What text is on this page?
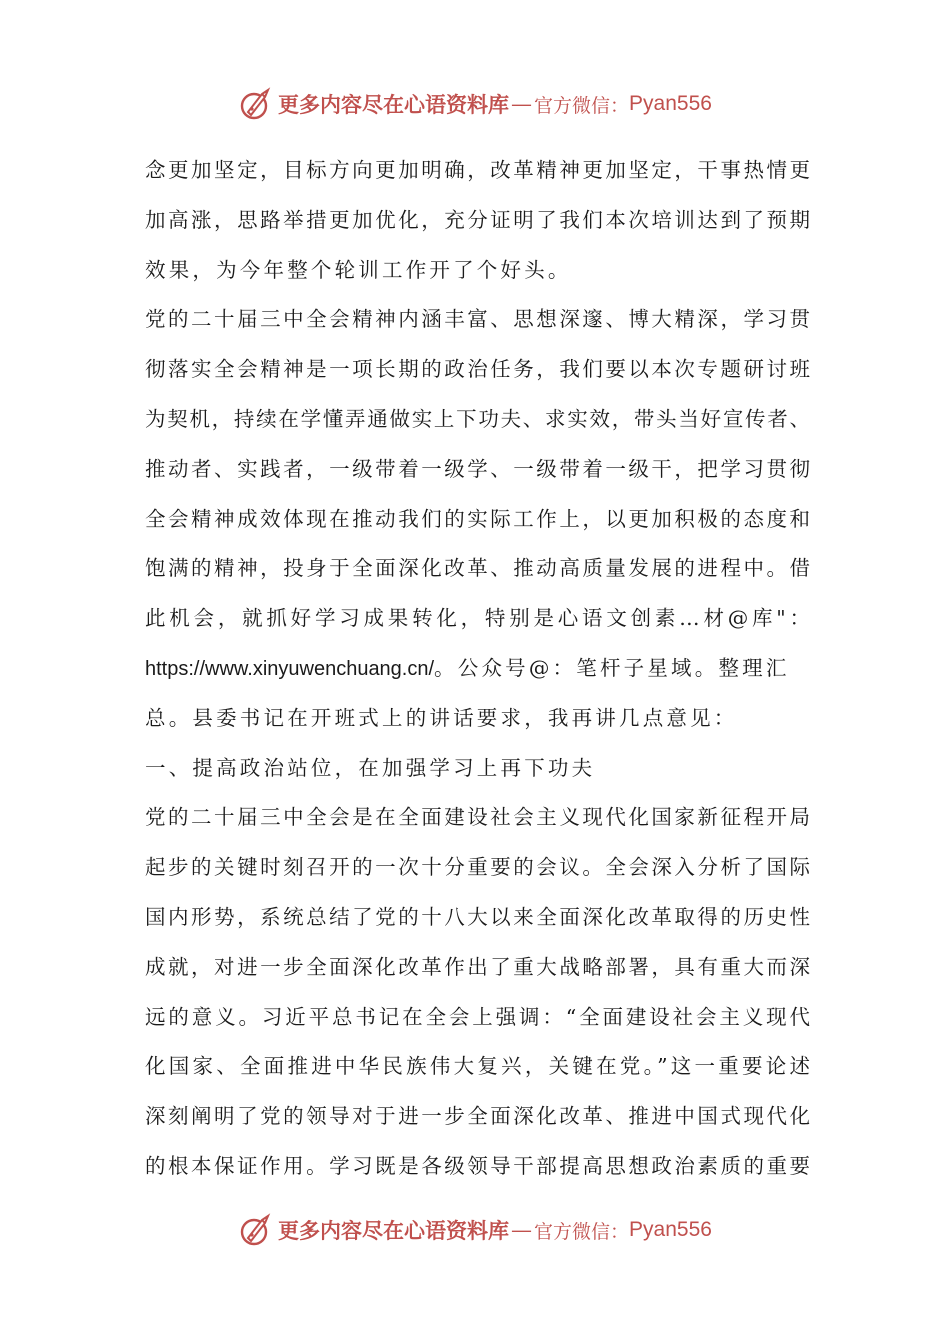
更多内容尽在心语资料库 — 官方微信： Pyan556
念更加坚定，目标方向更加明确，改革精神更加坚定，干事热情更
加高涨，思路举措更加优化，充分证明了我们本次培训达到了预期
效果，为今年整个轮训工作开了个好头。
党的二十届三中全会精神内涵丰富、思想深邃、博大精深，学习贯
彻落实全会精神是一项长期的政治任务，我们要以本次专题研讨班
为契机，持续在学懂弄通做实上下功夫、求实效，带头当好宣传者、
推动者、实践者，一级带着一级学、一级带着一级干，把学习贯彻
全会精神成效体现在推动我们的实际工作上，以更加积极的态度和
饱满的精神，投身于全面深化改革、推动高质量发展的进程中。借
此机会，就抓好学习成果转化，特别是心语文创素…材@库"：
https://www.xinyuwenchuang.cn/。公众号@：笔杆子星域。整理汇
总。县委书记在开班式上的讲话要求，我再讲几点意见：
一、提高政治站位，在加强学习上再下功夫
党的二十届三中全会是在全面建设社会主义现代化国家新征程开局
起步的关键时刻召开的一次十分重要的会议。全会深入分析了国际
国内形势，系统总结了党的十八大以来全面深化改革取得的历史性
成就，对进一步全面深化改革作出了重大战略部署，具有重大而深
远的意义。习近平总书记在全会上强调：“全面建设社会主义现代
化国家、全面推进中华民族伟大复兴，关键在党。”这一重要论述
深刻阐明了党的领导对于进一步全面深化改革、推进中国式现代化
的根本保证作用。学习既是各级领导干部提高思想政治素质的重要
更多内容尽在心语资料库 — 官方微信： Pyan556
